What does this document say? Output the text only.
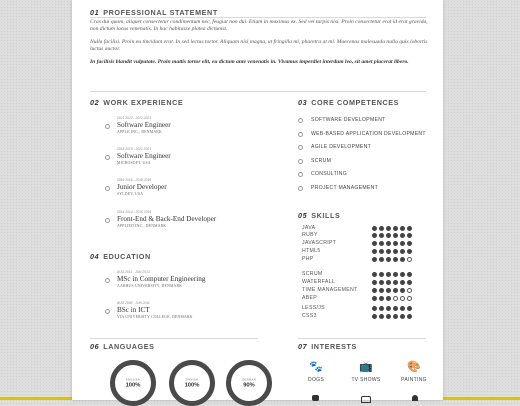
01 PROFESSIONAL STATEMENT

Cras dui quam, aliquet consectetur condimentum nec, feugiat non dui. Etiam in maximus ex. Sed vel turpis nisi. Proin consectetur erat id erat gravida, non dictum lacus venenatis. In hac habitasse platea dictumst.

Nulla facilisi. Proin eu tincidunt erat. In sed lectus tortor. Aliquam nisi magna, ut fringilla mi, pharetra at mi. Maecenas malesuada nulla quis lobortis luctus auctor.

In facilisis blandit vulputate. Proin mattis tortor elit, eu dictum ante venenatis in. Vivamus imperdiet interdum leo, sit amet placerat libero.

02 WORK EXPERIENCE
2021 2022 - 2021 2023
Software Engineer
APPLE INC., DENMARK
2018 2019 - 2021 2021
Software Engineer
MICROSOFT, USA
2016 2016 - 2018 2018
Junior Developer
SYLDEV, USA
2014 2014 - 2016 2016
Front-End & Back-End Developer
APPLIED INC., DENMARK
04 EDUCATION
AUG 2011 - JUN 2013
MSc in Computer Engineering
AARHUS UNIVERSITY, DENMARK
AUG 2008 - JUN 2011
BSc in ICT
VIA UNIVERSITY COLLEGE, DENMARK
03 CORE COMPETENCES
SOFTWARE DEVELOPMENT
WEB-BASED APPLICATION DEVELOPMENT
AGILE DEVELOPMENT
SCRUM
CONSULTING
PROJECT MANAGEMENT
05 SKILLS
JAVA
RUBY
JAVASCRIPT
HTML5
PHP
SCRUM
WATERFALL
TIME MANAGEMENT
ABEP
LESS/JS
CSS3
06 LANGUAGES
ENGLISH
100%
DANISH
100%
GERMAN
90%
07 INTERESTS
🐾
DOGS
📺
TV SHOWS
🎨
PAINTING
